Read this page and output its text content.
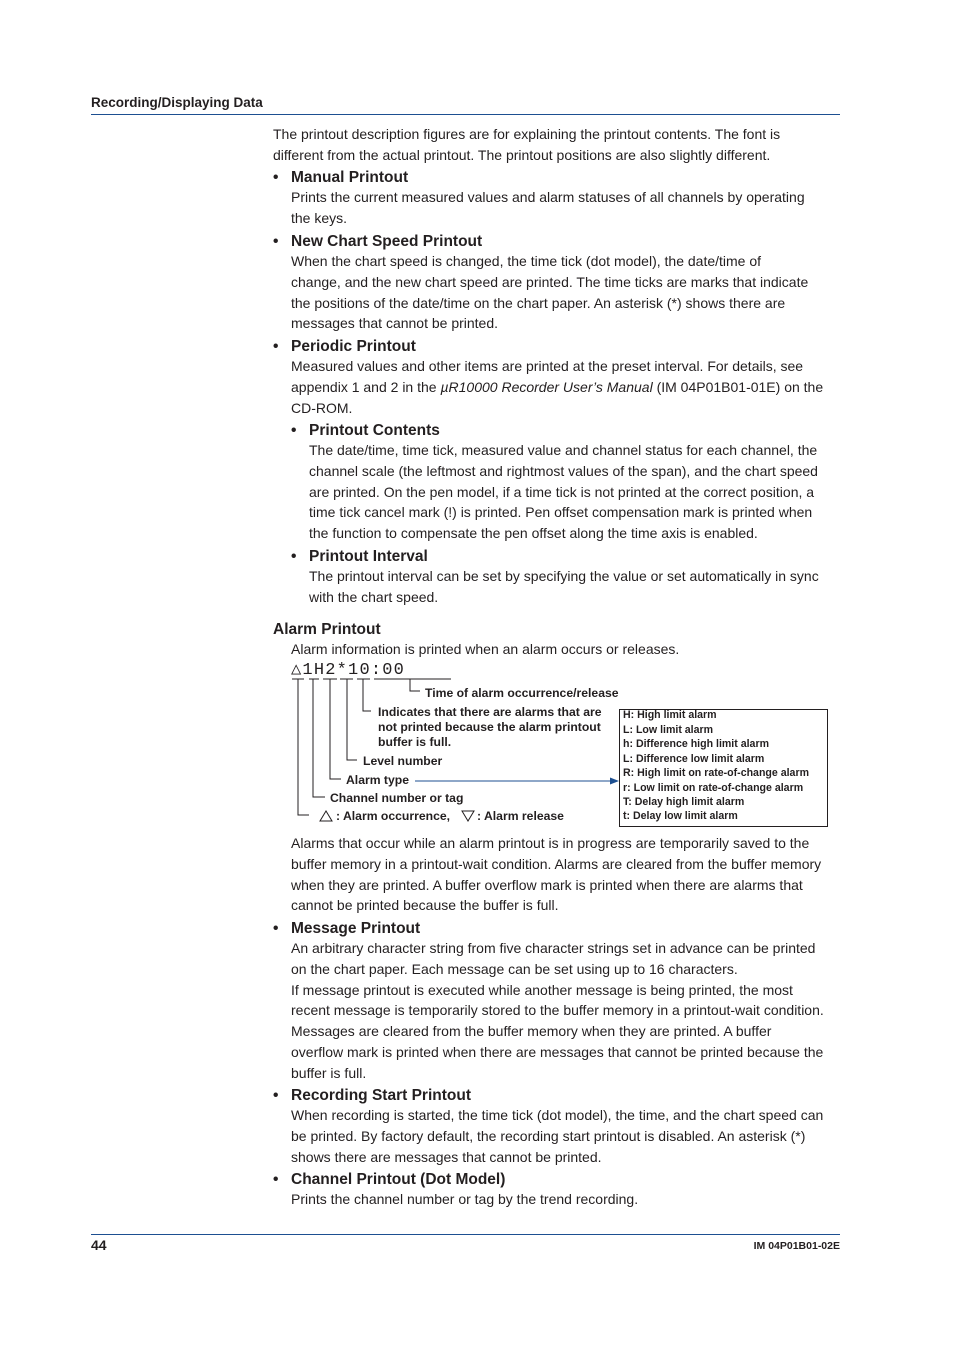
Recording/Displaying Data
The printout description figures are for explaining the printout contents. The font is
different from the actual printout. The printout positions are also slightly different.
• Manual Printout
Prints the current measured values and alarm statuses of all channels by operating
the keys.
• New Chart Speed Printout
When the chart speed is changed, the time tick (dot model), the date/time of
change, and the new chart speed are printed. The time ticks are marks that indicate
the positions of the date/time on the chart paper. An asterisk (*) shows there are
messages that cannot be printed.
• Periodic Printout
Measured values and other items are printed at the preset interval. For details, see
appendix 1 and 2 in the µR10000 Recorder User’s Manual (IM 04P01B01-01E) on the
CD-ROM.
• Printout Contents
The date/time, time tick, measured value and channel status for each channel, the
channel scale (the leftmost and rightmost values of the span), and the chart speed
are printed. On the pen model, if a time tick is not printed at the correct position, a
time tick cancel mark (!) is printed. Pen offset compensation mark is printed when
the function to compensate the pen offset along the time axis is enabled.
• Printout Interval
The printout interval can be set by specifying the value or set automatically in sync
with the chart speed.
Alarm Printout
Alarm information is printed when an alarm occurs or releases.
△1H2*10:00
Time of alarm occurrence/release
Indicates that there are alarms that are
not printed because the alarm printout
buffer is full.
Level number
Alarm type
Channel number or tag
: Alarm occurrence, : Alarm release
H: High limit alarm
L: Low limit alarm
h: Difference high limit alarm
L: Difference low limit alarm
R: High limit on rate-of-change alarm
r: Low limit on rate-of-change alarm
T: Delay high limit alarm
t: Delay low limit alarm
Alarms that occur while an alarm printout is in progress are temporarily saved to the
buffer memory in a printout-wait condition. Alarms are cleared from the buffer memory
when they are printed. A buffer overflow mark is printed when there are alarms that
cannot be printed because the buffer is full.
• Message Printout
An arbitrary character string from five character strings set in advance can be printed
on the chart paper. Each message can be set using up to 16 characters.
If message printout is executed while another message is being printed, the most
recent message is temporarily stored to the buffer memory in a printout-wait condition.
Messages are cleared from the buffer memory when they are printed. A buffer
overflow mark is printed when there are messages that cannot be printed because the
buffer is full.
• Recording Start Printout
When recording is started, the time tick (dot model), the time, and the chart speed can
be printed. By factory default, the recording start printout is disabled. An asterisk (*)
shows there are messages that cannot be printed.
• Channel Printout (Dot Model)
Prints the channel number or tag by the trend recording.
44	IM 04P01B01-02E
